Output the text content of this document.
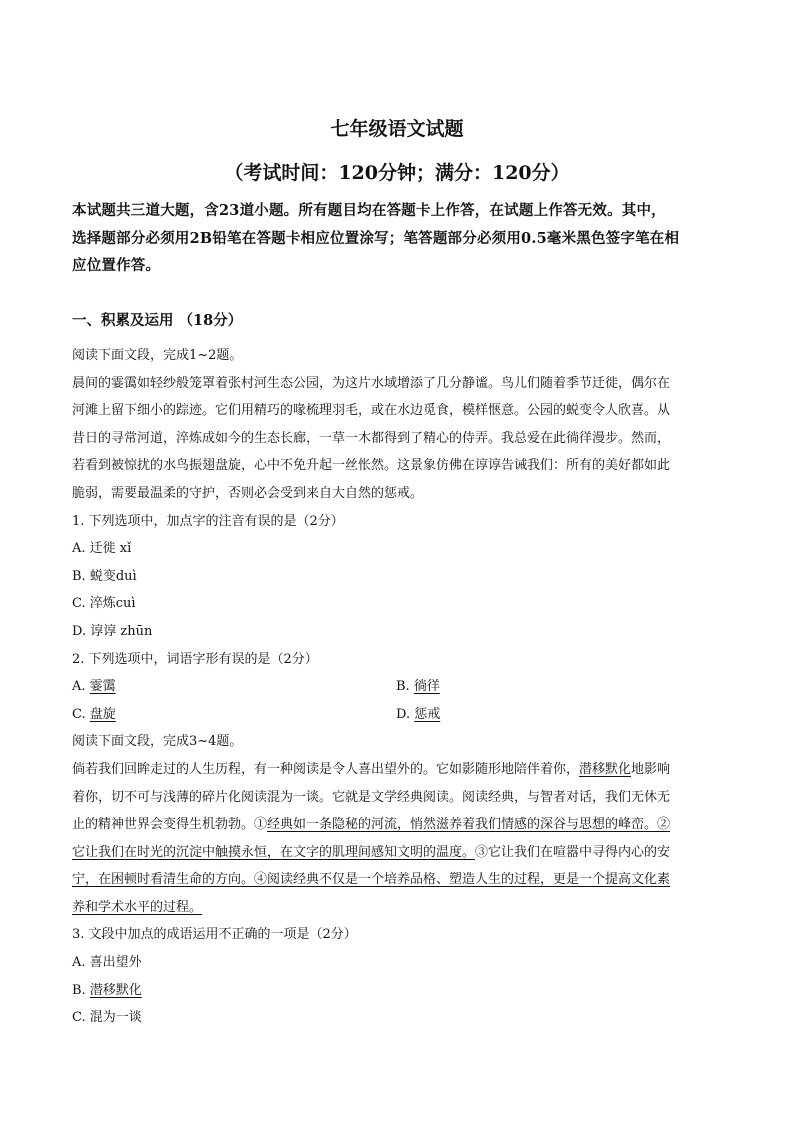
七年级语文试题
（考试时间：120分钟；满分：120分）
本试题共三道大题，含23道小题。所有题目均在答题卡上作答，在试题上作答无效。其中，
选择题部分必须用2B铅笔在答题卡相应位置涂写；笔答题部分必须用0.5毫米黑色签字笔在相
应位置作答。
一、积累及运用 （18分）
阅读下面文段，完成1~2题。
晨间的霎霭如轻纱般笼罩着张村河生态公园，为这片水域增添了几分静谧。鸟儿们随着季节迁徙，偶尔在
河滩上留下细小的踪迹。它们用精巧的喙梳理羽毛，或在水边觅食，模样惬意。公园的蜕变令人欣喜。从
昔日的寻常河道，淬炼成如今的生态长廊，一草一木都得到了精心的侍弄。我总爱在此徜徉漫步。然而，
若看到被惊扰的水鸟振翅盘旋，心中不免升起一丝怅然。这景象仿佛在谆谆告诫我们：所有的美好都如此
脆弱，需要最温柔的守护，否则必会受到来自大自然的惩戒。
1. 下列选项中，加点字的注音有误的是（2分）
A. 迁徙 xǐ
B. 蜕变duì
C. 淬炼cuì
D. 谆谆 zhūn
2. 下列选项中，词语字形有误的是（2分）
A. 霎霭	B. 徜徉
C. 盘旋	D. 惩戒
阅读下面文段，完成3~4题。
倘若我们回眸走过的人生历程，有一种阅读是令人喜出望外的。它如影随形地陪伴着你，潜移默化地影响
着你，切不可与浅薄的碎片化阅读混为一谈。它就是文学经典阅读。阅读经典，与智者对话，我们无休无
止的精神世界会变得生机勃勃。①经典如一条隐秘的河流，悄然滋养着我们情感的深谷与思想的峰峦。②
它让我们在时光的沉淀中触摸永恒，在文字的肌理间感知文明的温度。③它让我们在喧嚣中寻得内心的安
宁，在困顿时看清生命的方向。④阅读经典不仅是一个培养品格、塑造人生的过程，更是一个提高文化素
养和学术水平的过程。
3. 文段中加点的成语运用不正确的一项是（2分）
A. 喜出望外
B. 潜移默化
C. 混为一谈
